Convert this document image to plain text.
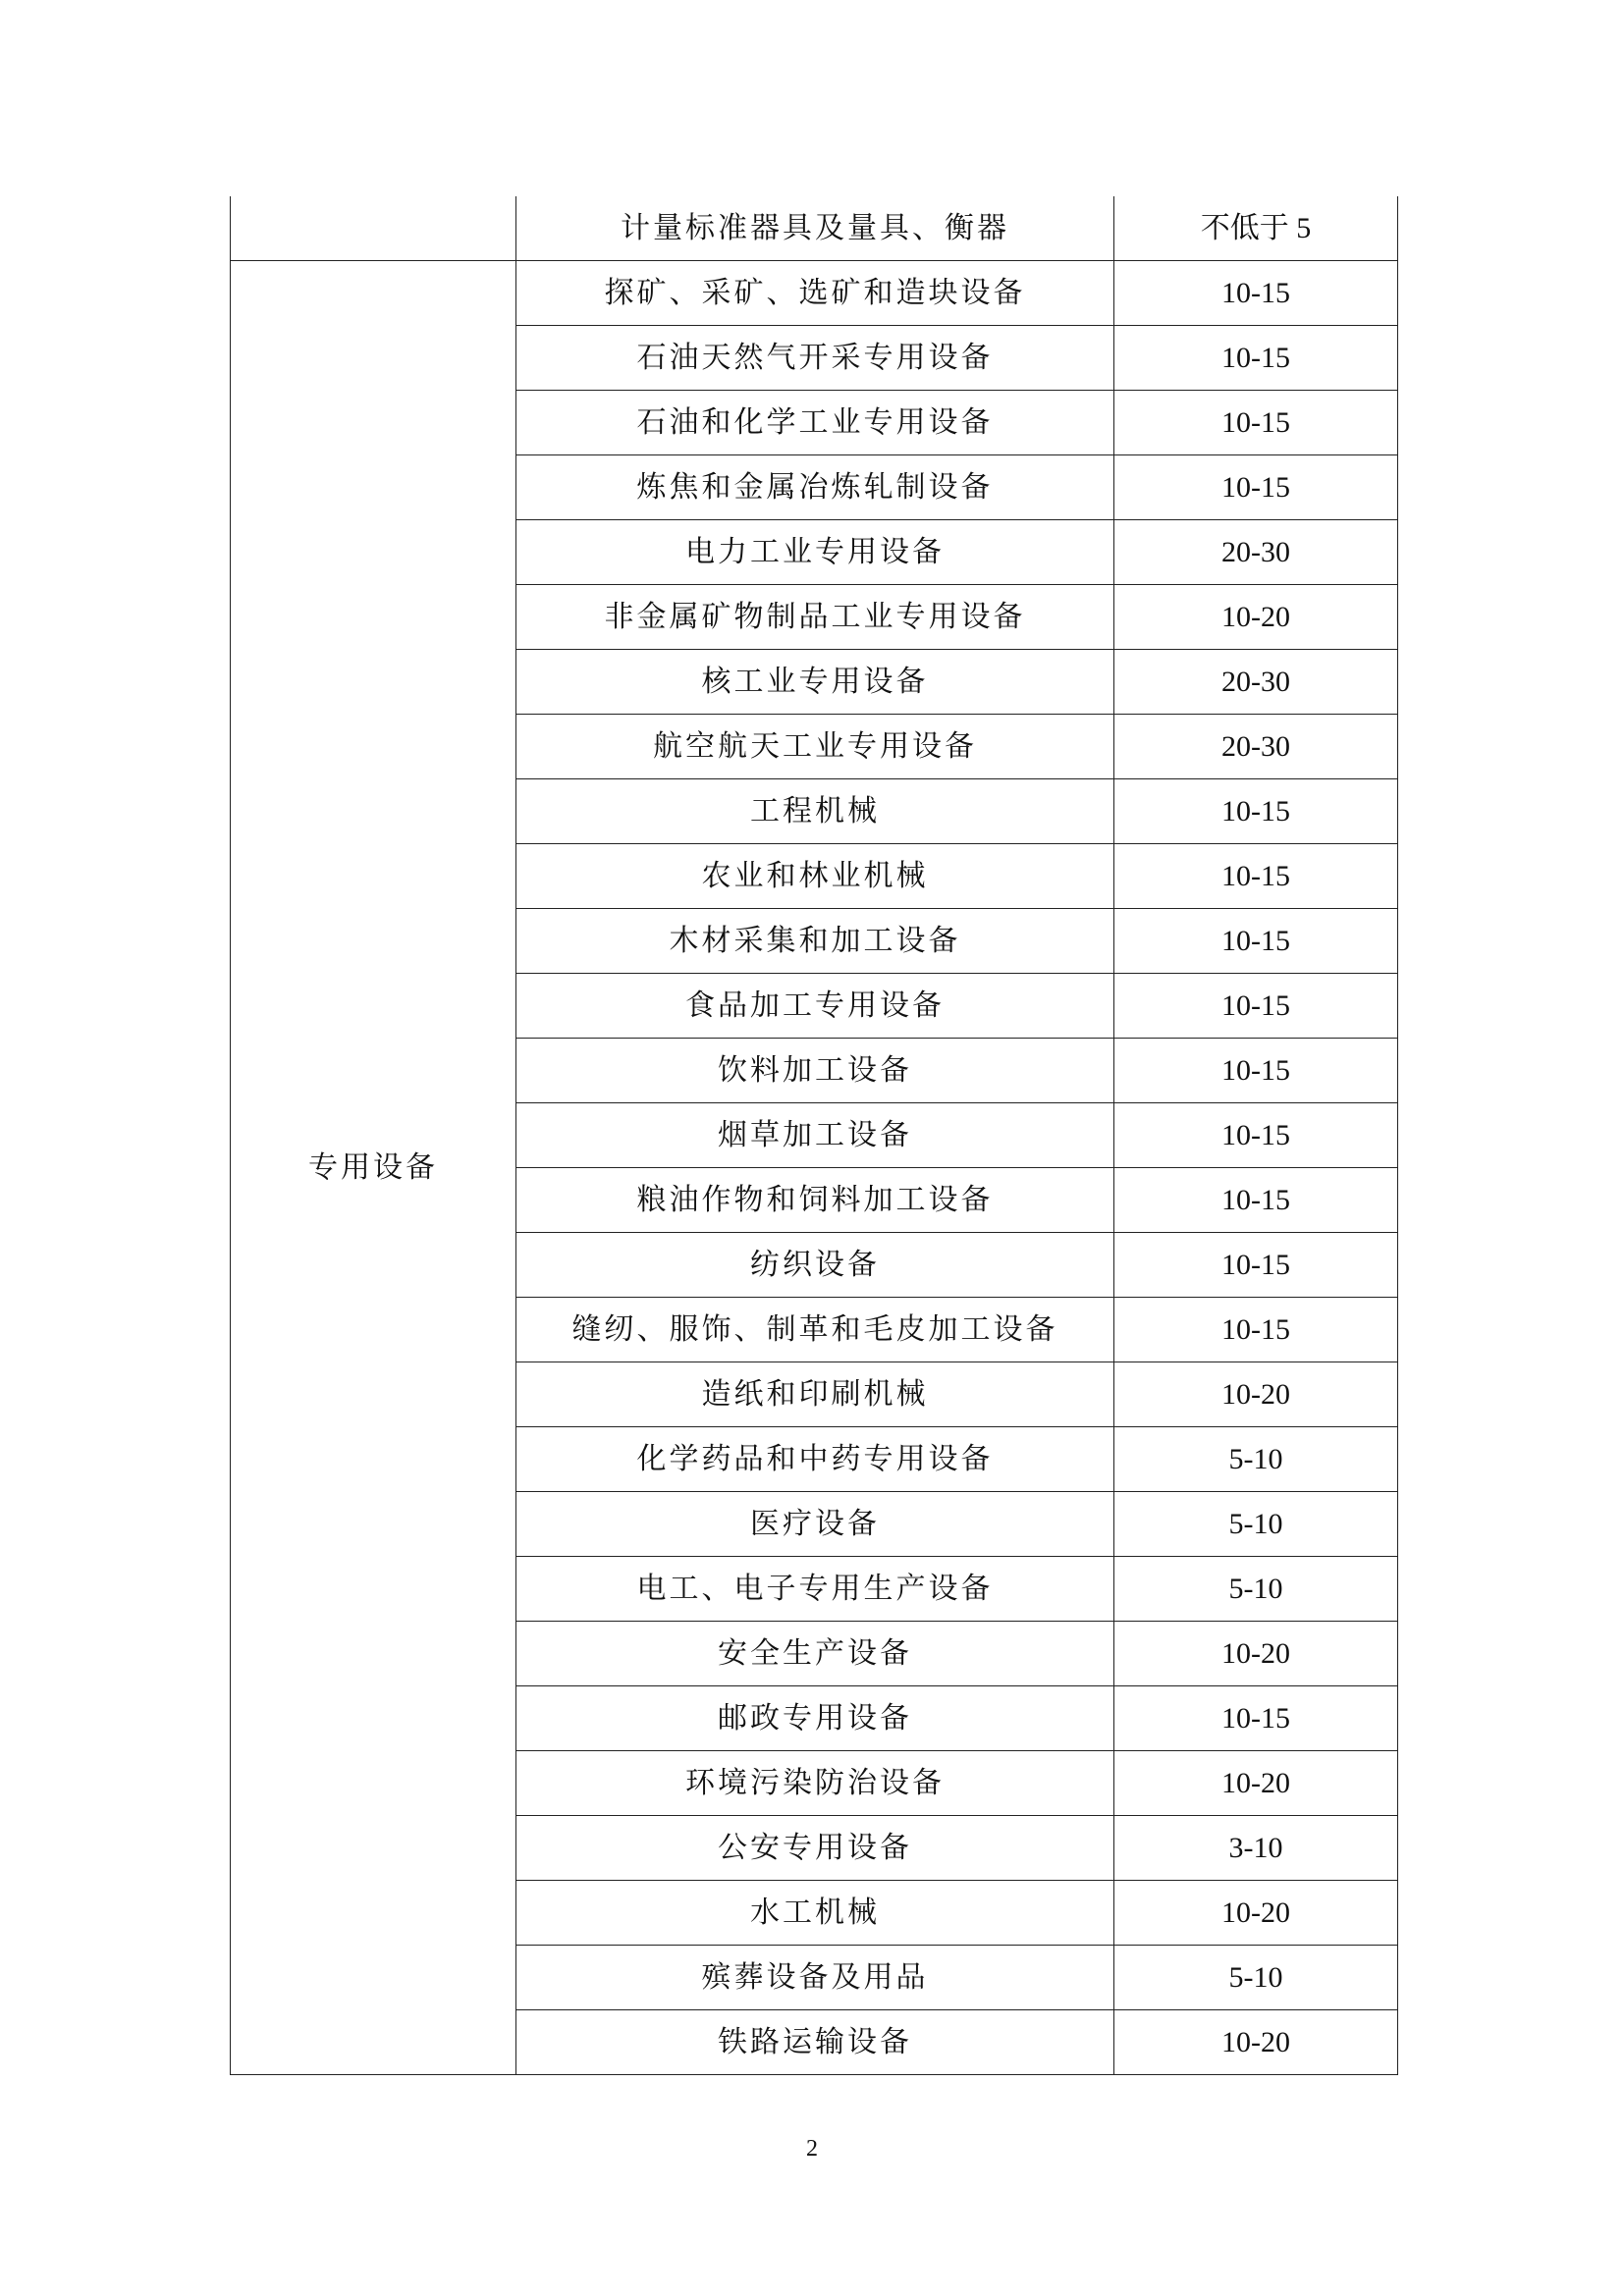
	计量标准器具及量具、衡器	不低于 5
专用设备	探矿、采矿、选矿和造块设备	10-15
	石油天然气开采专用设备	10-15
	石油和化学工业专用设备	10-15
	炼焦和金属冶炼轧制设备	10-15
	电力工业专用设备	20-30
	非金属矿物制品工业专用设备	10-20
	核工业专用设备	20-30
	航空航天工业专用设备	20-30
	工程机械	10-15
	农业和林业机械	10-15
	木材采集和加工设备	10-15
	食品加工专用设备	10-15
	饮料加工设备	10-15
	烟草加工设备	10-15
	粮油作物和饲料加工设备	10-15
	纺织设备	10-15
	缝纫、服饰、制革和毛皮加工设备	10-15
	造纸和印刷机械	10-20
	化学药品和中药专用设备	5-10
	医疗设备	5-10
	电工、电子专用生产设备	5-10
	安全生产设备	10-20
	邮政专用设备	10-15
	环境污染防治设备	10-20
	公安专用设备	3-10
	水工机械	10-20
	殡葬设备及用品	5-10
	铁路运输设备	10-20
2
